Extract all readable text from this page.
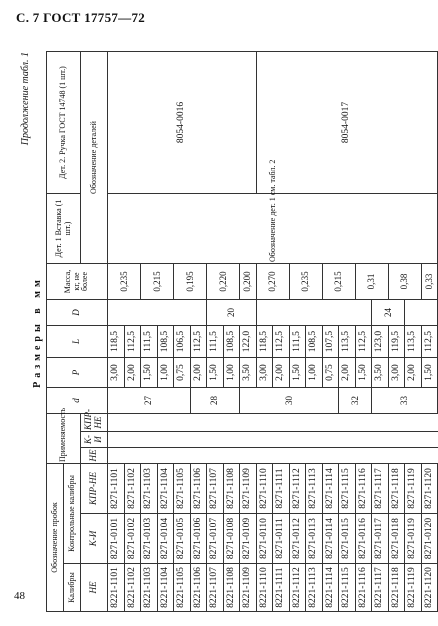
С. 7 ГОСТ 17757—72
Продолжение табл. 1
Размеры в мм
Обозначение пробок			Применяемость			d	P	L	D	Масса, кг, не более	Дет. 1 Вставка (1 шт.)	Дет. 2. Ручка ГОСТ 14748 (1 шт.)
Калибры	Контрольные калибры											
НЕ	К-И	КПР-НЕ	НЕ	К-И	КПР-НЕ						Обозначение деталей	
8221-1101	8271-0101	8271-1101				27	3,00	118,5		0,235	Обозначение дет. 1 см. табл. 2	8054-0016
8221-1102	8271-0102	8271-1102					2,00	112,5				
8221-1103	8271-0103	8271-1103					1,50	111,5		0,215		
8221-1104	8271-0104	8271-1104					1,00	108,5				
8221-1105	8271-0105	8271-1105					0,75	106,5		0,195		
8221-1106	8271-0106	8271-1106				28	2,00	112,5				
8221-1107	8271-0107	8271-1107					1,50	111,5	20	0,220		
8221-1108	8271-0108	8271-1108					1,00	108,5				
8221-1109	8271-0109	8271-1109				30	3,50	122,0		0,200		
8221-1110	8271-0110	8271-1110					3,00	118,5		0,270		8054-0017
8221-1111	8271-0111	8271-1111					2,00	112,5				
8221-1112	8271-0112	8271-1112					1,50	111,5		0,235		
8221-1113	8271-0113	8271-1113					1,00	108,5				
8221-1114	8271-0114	8271-1114					0,75	107,5		0,215		
8221-1115	8271-0115	8271-1115				32	2,00	113,5				
8221-1116	8271-0116	8271-1116					1,50	112,5		0,31		
8221-1117	8271-0117	8271-1117				33	3,50	123,0	24			
8221-1118	8271-0118	8271-1118					3,00	119,5		0,38		
8221-1119	8271-0119	8271-1119					2,00	113,5				
8221-1120	8271-0120	8271-1120					1,50	112,5		0,33		
48
